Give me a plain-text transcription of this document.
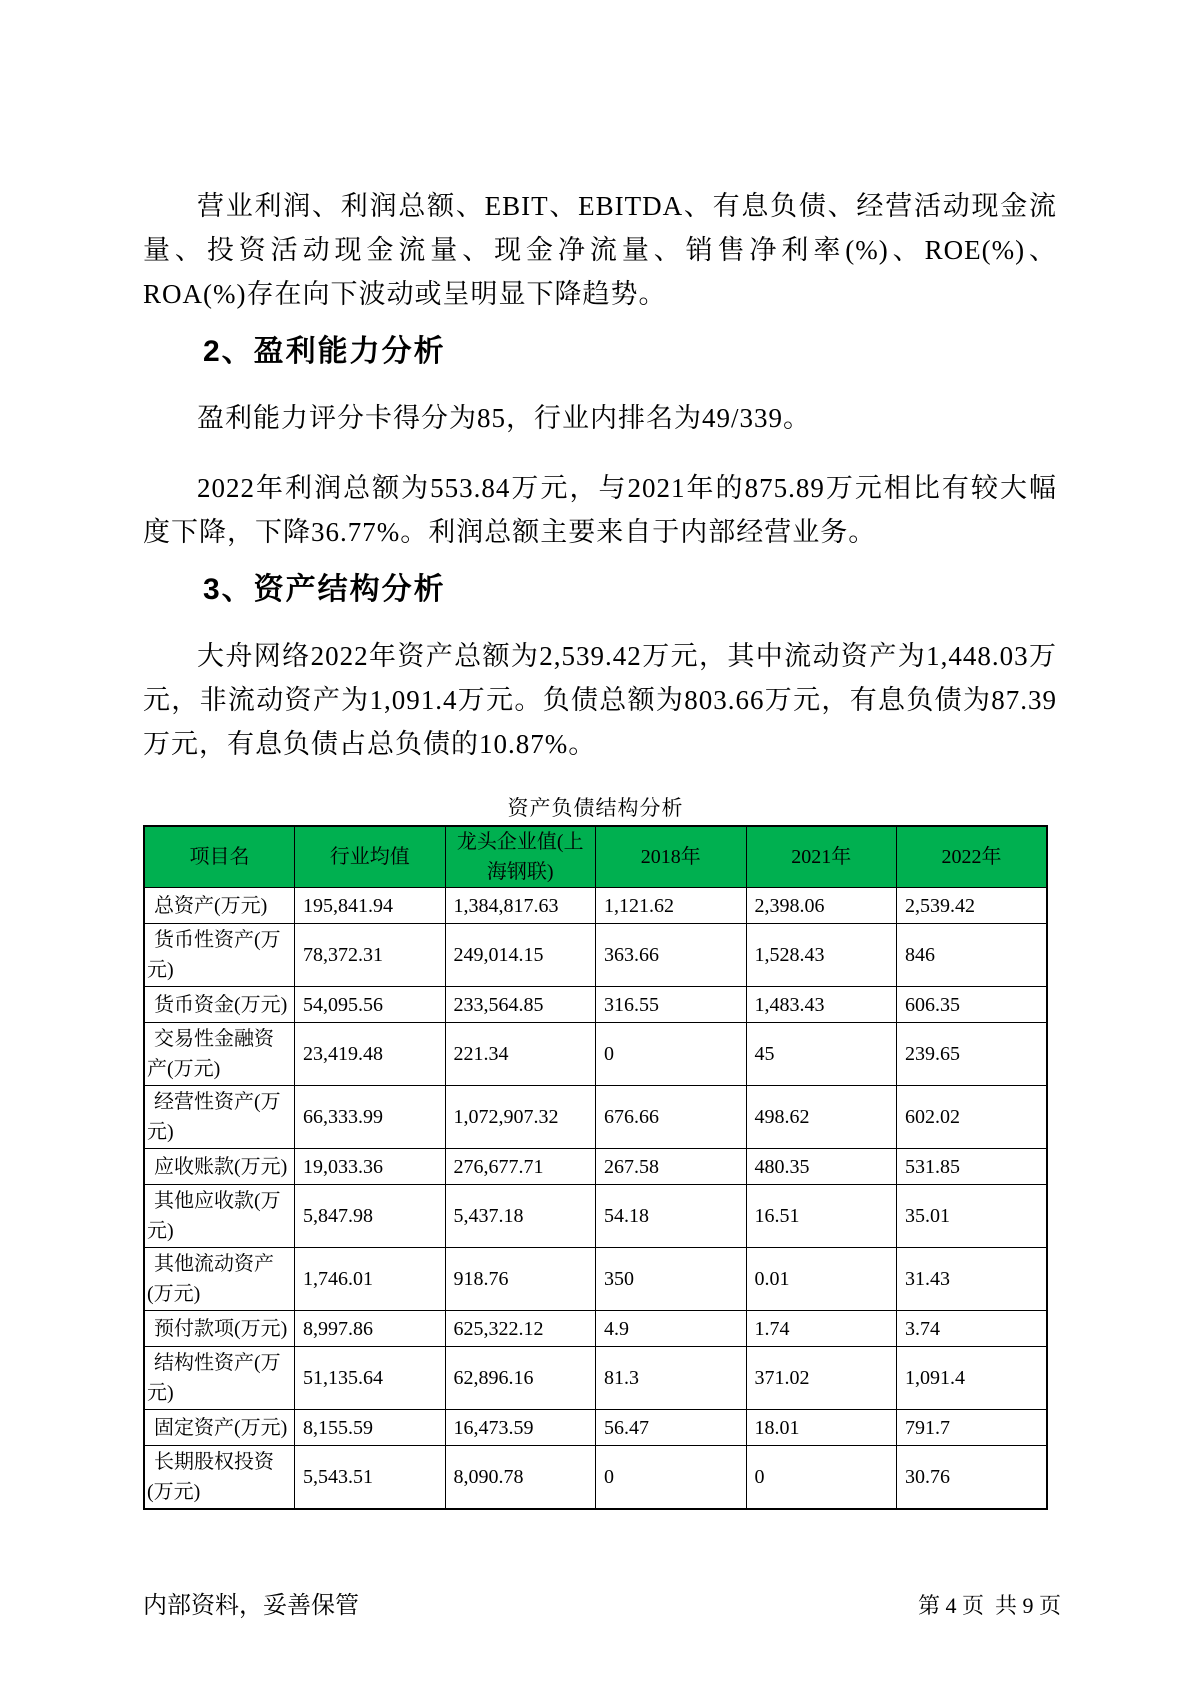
营业利润、利润总额、EBIT、EBITDA、有息负债、经营活动现金流量、投资活动现金流量、现金净流量、销售净利率(%)、ROE(%)、ROA(%)存在向下波动或呈明显下降趋势。

2、盈利能力分析

盈利能力评分卡得分为85，行业内排名为49/339。

2022年利润总额为553.84万元，与2021年的875.89万元相比有较大幅度下降，下降36.77%。利润总额主要来自于内部经营业务。

3、资产结构分析

大舟网络2022年资产总额为2,539.42万元，其中流动资产为1,448.03万元，非流动资产为1,091.4万元。负债总额为803.66万元，有息负债为87.39万元，有息负债占总负债的10.87%。

资产负债结构分析
项目名	行业均值	龙头企业值(上海钢联)	2018年	2021年	2022年
总资产(万元)	195,841.94	1,384,817.63	1,121.62	2,398.06	2,539.42
货币性资产(万元)	78,372.31	249,014.15	363.66	1,528.43	846
货币资金(万元)	54,095.56	233,564.85	316.55	1,483.43	606.35
交易性金融资产(万元)	23,419.48	221.34	0	45	239.65
经营性资产(万元)	66,333.99	1,072,907.32	676.66	498.62	602.02
应收账款(万元)	19,033.36	276,677.71	267.58	480.35	531.85
其他应收款(万元)	5,847.98	5,437.18	54.18	16.51	35.01
其他流动资产(万元)	1,746.01	918.76	350	0.01	31.43
预付款项(万元)	8,997.86	625,322.12	4.9	1.74	3.74
结构性资产(万元)	51,135.64	62,896.16	81.3	371.02	1,091.4
固定资产(万元)	8,155.59	16,473.59	56.47	18.01	791.7
长期股权投资(万元)	5,543.51	8,090.78	0	0	30.76
内部资料，妥善保管	第 4 页  共 9 页
